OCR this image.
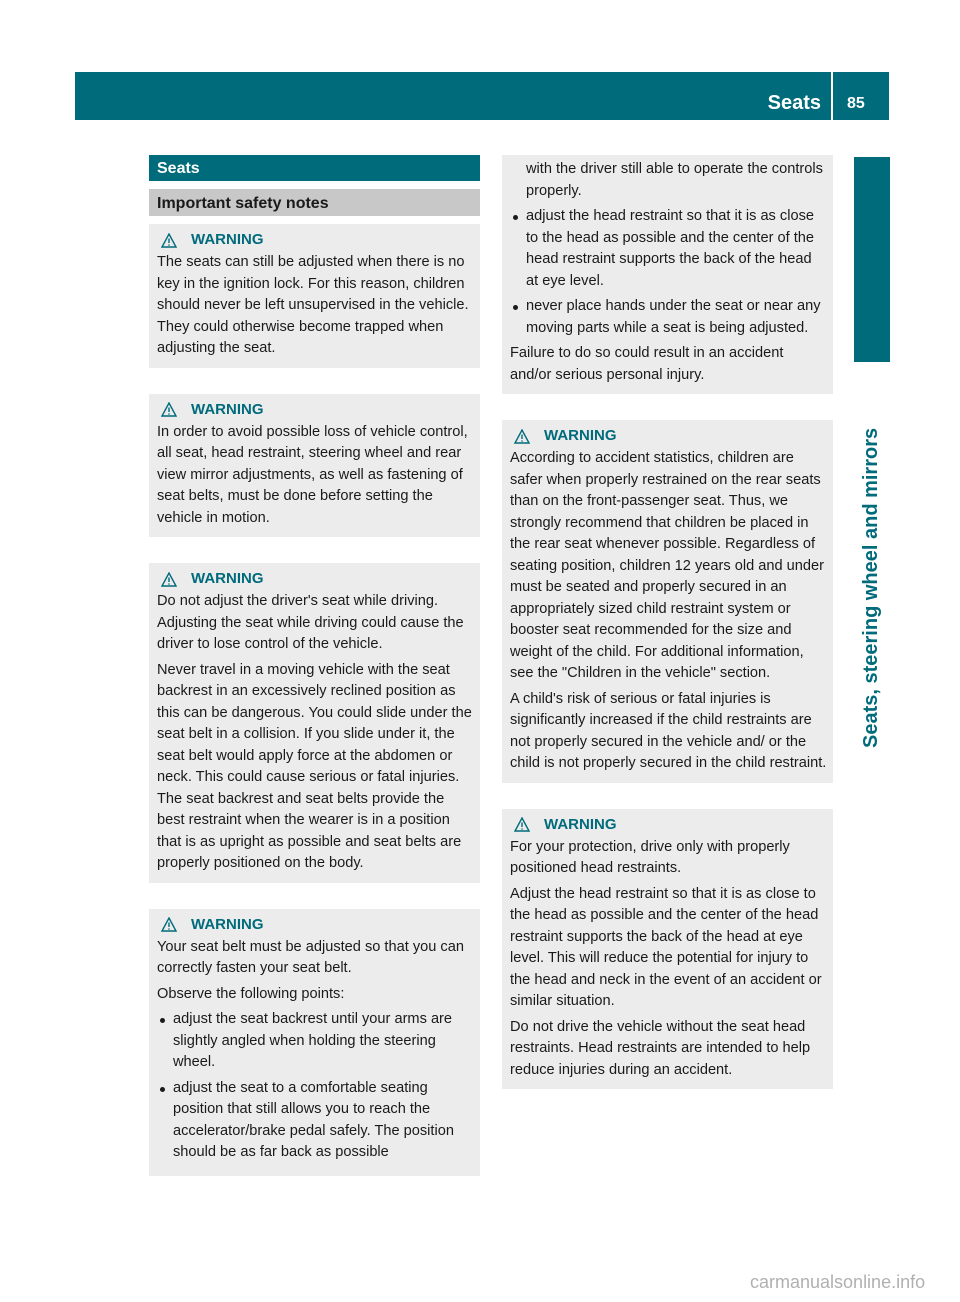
Seats 85
Seats, steering wheel and mirrors
Seats
Important safety notes
WARNING

The seats can still be adjusted when there is no key in the ignition lock. For this reason, children should never be left unsupervised in the vehicle. They could otherwise become trapped when adjusting the seat.

WARNING

In order to avoid possible loss of vehicle control, all seat, head restraint, steering wheel and rear view mirror adjustments, as well as fastening of seat belts, must be done before setting the vehicle in motion.

WARNING

Do not adjust the driver's seat while driving. Adjusting the seat while driving could cause the driver to lose control of the vehicle.

Never travel in a moving vehicle with the seat backrest in an excessively reclined position as this can be dangerous. You could slide under the seat belt in a collision. If you slide under it, the seat belt would apply force at the abdomen or neck. This could cause serious or fatal injuries. The seat backrest and seat belts provide the best restraint when the wearer is in a position that is as upright as possible and seat belts are properly positioned on the body.

WARNING

Your seat belt must be adjusted so that you can correctly fasten your seat belt.

Observe the following points:

adjust the seat backrest until your arms are slightly angled when holding the steering wheel.
adjust the seat to a comfortable seating position that still allows you to reach the accelerator/brake pedal safely. The position should be as far back as possible
with the driver still able to operate the controls properly.
adjust the head restraint so that it is as close to the head as possible and the center of the head restraint supports the back of the head at eye level.
never place hands under the seat or near any moving parts while a seat is being adjusted.

Failure to do so could result in an accident and/or serious personal injury.

WARNING

According to accident statistics, children are safer when properly restrained on the rear seats than on the front-passenger seat. Thus, we strongly recommend that children be placed in the rear seat whenever possible. Regardless of seating position, children 12 years old and under must be seated and properly secured in an appropriately sized child restraint system or booster seat recommended for the size and weight of the child. For additional information, see the "Children in the vehicle" section.

A child's risk of serious or fatal injuries is significantly increased if the child restraints are not properly secured in the vehicle and/ or the child is not properly secured in the child restraint.

WARNING

For your protection, drive only with properly positioned head restraints.

Adjust the head restraint so that it is as close to the head as possible and the center of the head restraint supports the back of the head at eye level. This will reduce the potential for injury to the head and neck in the event of an accident or similar situation.

Do not drive the vehicle without the seat head restraints. Head restraints are intended to help reduce injuries during an accident.

carmanualsonline.info
